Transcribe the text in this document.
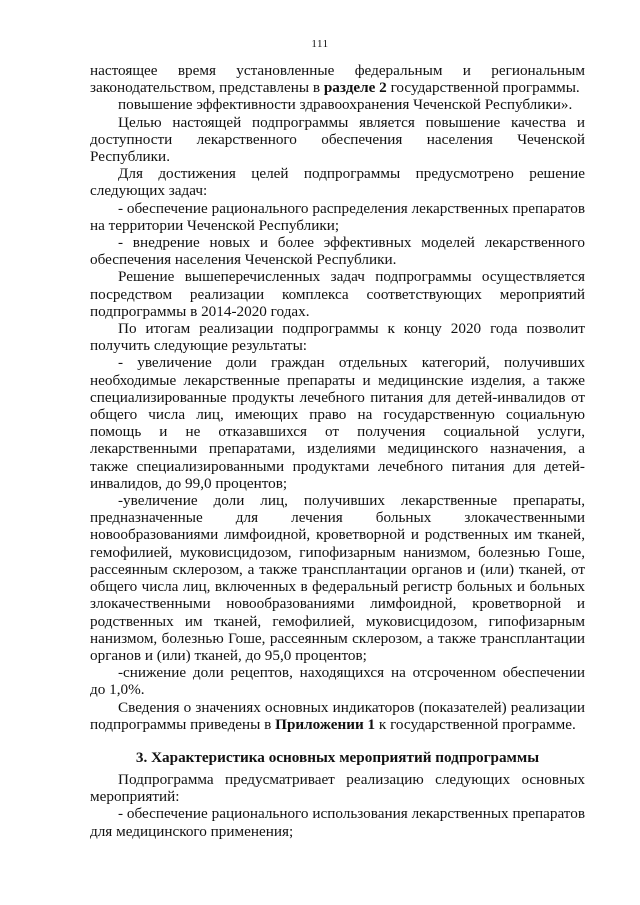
111

настоящее время установленные федеральным и региональным законодательством, представлены в разделе 2 государственной программы.

повышение эффективности здравоохранения Чеченской Республики».

Целью настоящей подпрограммы является повышение качества и доступности лекарственного обеспечения населения Чеченской Республики.

Для достижения целей подпрограммы предусмотрено решение следующих задач:

- обеспечение рационального распределения лекарственных препаратов на территории Чеченской Республики;

- внедрение новых и более эффективных моделей лекарственного обеспечения населения Чеченской Республики.

Решение вышеперечисленных задач подпрограммы осуществляется посредством реализации комплекса соответствующих мероприятий подпрограммы в 2014-2020 годах.

По итогам реализации подпрограммы к концу 2020 года позволит получить следующие результаты:

- увеличение доли граждан отдельных категорий, получивших необходимые лекарственные препараты и медицинские изделия, а также специализированные продукты лечебного питания для детей-инвалидов от общего числа лиц, имеющих право на государственную социальную помощь и не отказавшихся от получения социальной услуги, лекарственными препаратами, изделиями медицинского назначения, а также специализированными продуктами лечебного питания для детей-инвалидов, до 99,0 процентов;

-увеличение доли лиц, получивших лекарственные препараты, предназначенные для лечения больных злокачественными новообразованиями лимфоидной, кроветворной и родственных им тканей, гемофилией, муковисцидозом, гипофизарным нанизмом, болезнью Гоше, рассеянным склерозом, а также трансплантации органов и (или) тканей, от общего числа лиц, включенных в федеральный регистр больных и больных злокачественными новообразованиями лимфоидной, кроветворной и родственных им тканей, гемофилией, муковисцидозом, гипофизарным нанизмом, болезнью Гоше, рассеянным склерозом, а также трансплантации органов и (или) тканей, до 95,0 процентов;

-снижение доли рецептов, находящихся на отсроченном обеспечении до 1,0%.

Сведения о значениях основных индикаторов (показателей) реализации подпрограммы приведены в Приложении 1 к государственной программе.

3. Характеристика основных мероприятий подпрограммы

Подпрограмма предусматривает реализацию следующих основных мероприятий:

- обеспечение рационального использования лекарственных препаратов для медицинского применения;
